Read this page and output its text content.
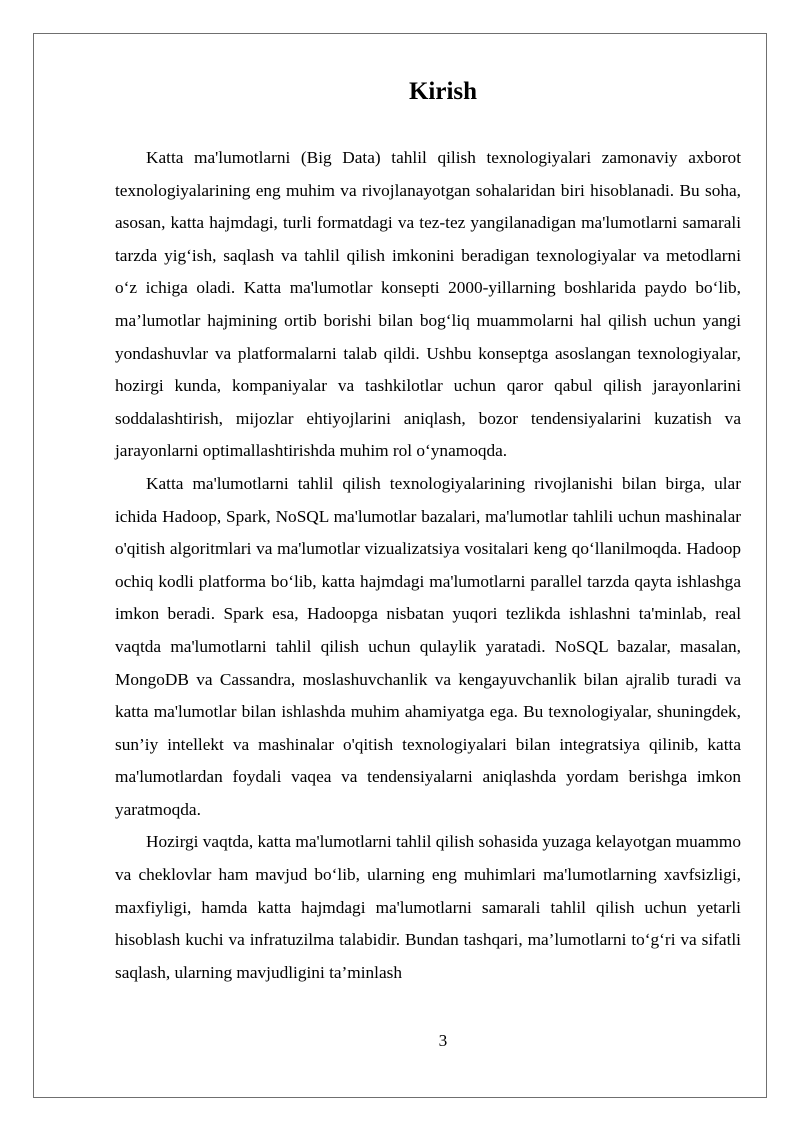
Kirish

Katta ma'lumotlarni (Big Data) tahlil qilish texnologiyalari zamonaviy axborot texnologiyalarining eng muhim va rivojlanayotgan sohalaridan biri hisoblanadi. Bu soha, asosan, katta hajmdagi, turli formatdagi va tez-tez yangilanadigan ma'lumotlarni samarali tarzda yig‘ish, saqlash va tahlil qilish imkonini beradigan texnologiyalar va metodlarni o‘z ichiga oladi. Katta ma'lumotlar konsepti 2000-yillarning boshlarida paydo bo‘lib, ma’lumotlar hajmining ortib borishi bilan bog‘liq muammolarni hal qilish uchun yangi yondashuvlar va platformalarni talab qildi. Ushbu konseptga asoslangan texnologiyalar, hozirgi kunda, kompaniyalar va tashkilotlar uchun qaror qabul qilish jarayonlarini soddalashtirish, mijozlar ehtiyojlarini aniqlash, bozor tendensiyalarini kuzatish va jarayonlarni optimallashtirishda muhim rol o‘ynamoqda.

Katta ma'lumotlarni tahlil qilish texnologiyalarining rivojlanishi bilan birga, ular ichida Hadoop, Spark, NoSQL ma'lumotlar bazalari, ma'lumotlar tahlili uchun mashinalar o'qitish algoritmlari va ma'lumotlar vizualizatsiya vositalari keng qo‘llanilmoqda. Hadoop ochiq kodli platforma bo‘lib, katta hajmdagi ma'lumotlarni parallel tarzda qayta ishlashga imkon beradi. Spark esa, Hadoopga nisbatan yuqori tezlikda ishlashni ta'minlab, real vaqtda ma'lumotlarni tahlil qilish uchun qulaylik yaratadi. NoSQL bazalar, masalan, MongoDB va Cassandra, moslashuvchanlik va kengayuvchanlik bilan ajralib turadi va katta ma'lumotlar bilan ishlashda muhim ahamiyatga ega. Bu texnologiyalar, shuningdek, sun’iy intellekt va mashinalar o'qitish texnologiyalari bilan integratsiya qilinib, katta ma'lumotlardan foydali vaqea va tendensiyalarni aniqlashda yordam berishga imkon yaratmoqda.

Hozirgi vaqtda, katta ma'lumotlarni tahlil qilish sohasida yuzaga kelayotgan muammo va cheklovlar ham mavjud bo‘lib, ularning eng muhimlari ma'lumotlarning xavfsizligi, maxfiyligi, hamda katta hajmdagi ma'lumotlarni samarali tahlil qilish uchun yetarli hisoblash kuchi va infratuzilma talabidir. Bundan tashqari, ma’lumotlarni to‘g‘ri va sifatli saqlash, ularning mavjudligini ta’minlash

3
